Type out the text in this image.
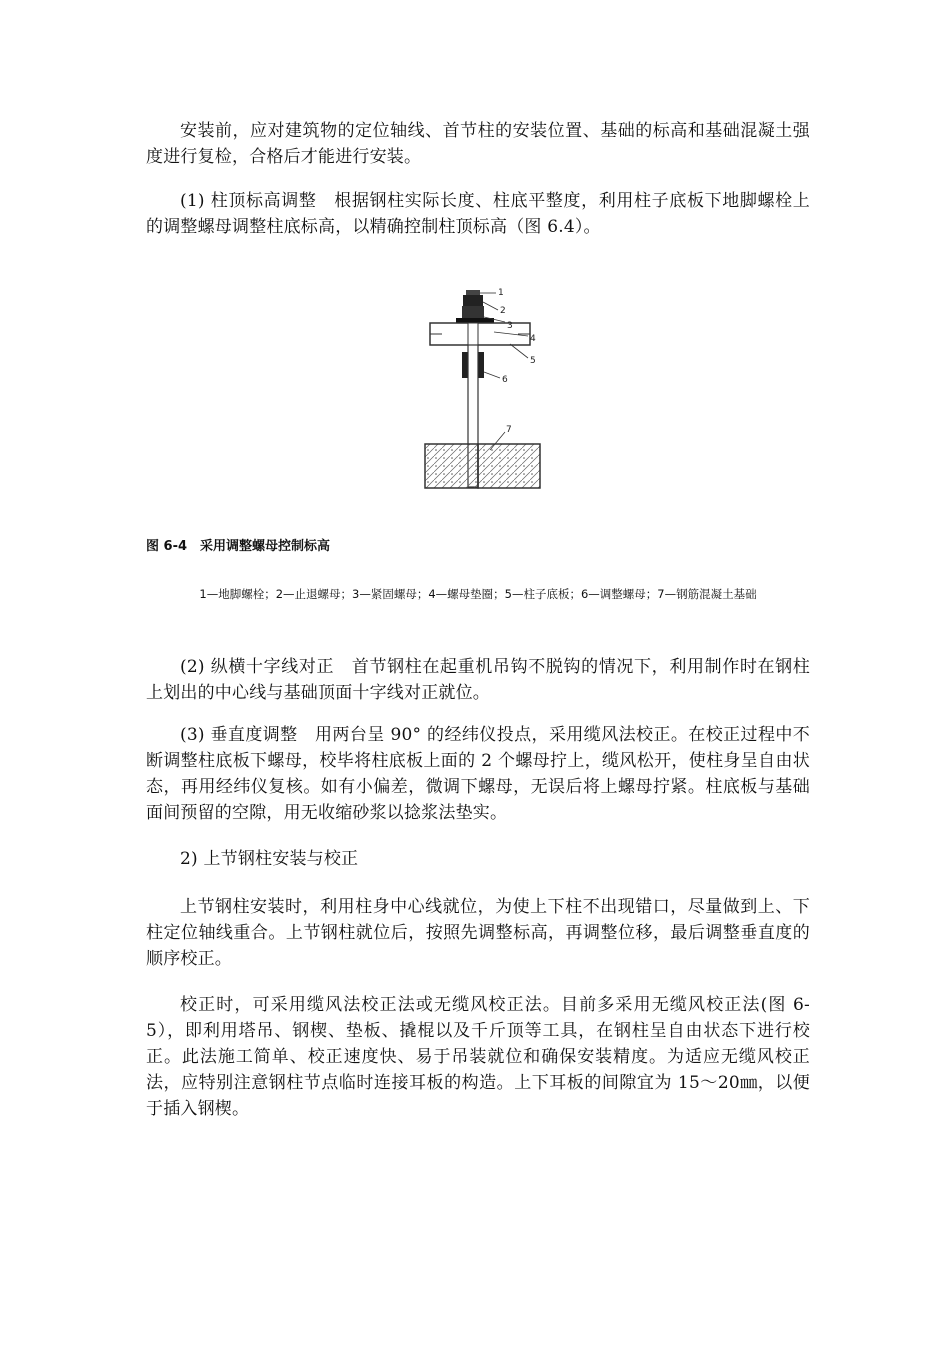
安装前，应对建筑物的定位轴线、首节柱的安装位置、基础的标高和基础混凝土强度进行复检，合格后才能进行安装。

(1) 柱顶标高调整　根据钢柱实际长度、柱底平整度，利用柱子底板下地脚螺栓上的调整螺母调整柱底标高，以精确控制柱顶标高（图 6.4）。

1
2
3
4
5
6
7

图 6-4　采用调整螺母控制标高

1—地脚螺栓；2—止退螺母；3—紧固螺母；4—螺母垫圈；5—柱子底板；6—调整螺母；7—钢筋混凝土基础

(2) 纵横十字线对正　首节钢柱在起重机吊钩不脱钩的情况下，利用制作时在钢柱上划出的中心线与基础顶面十字线对正就位。

(3) 垂直度调整　用两台呈 90° 的经纬仪投点，采用缆风法校正。在校正过程中不断调整柱底板下螺母，校毕将柱底板上面的 2 个螺母拧上，缆风松开，使柱身呈自由状态，再用经纬仪复核。如有小偏差，微调下螺母，无误后将上螺母拧紧。柱底板与基础面间预留的空隙，用无收缩砂浆以捻浆法垫实。

2) 上节钢柱安装与校正

上节钢柱安装时，利用柱身中心线就位，为使上下柱不出现错口，尽量做到上、下柱定位轴线重合。上节钢柱就位后，按照先调整标高，再调整位移，最后调整垂直度的顺序校正。

校正时，可采用缆风法校正法或无缆风校正法。目前多采用无缆风校正法(图 6-5），即利用塔吊、钢楔、垫板、撬棍以及千斤顶等工具，在钢柱呈自由状态下进行校正。此法施工简单、校正速度快、易于吊装就位和确保安装精度。为适应无缆风校正法，应特别注意钢柱节点临时连接耳板的构造。上下耳板的间隙宜为 15～20㎜，以便于插入钢楔。
